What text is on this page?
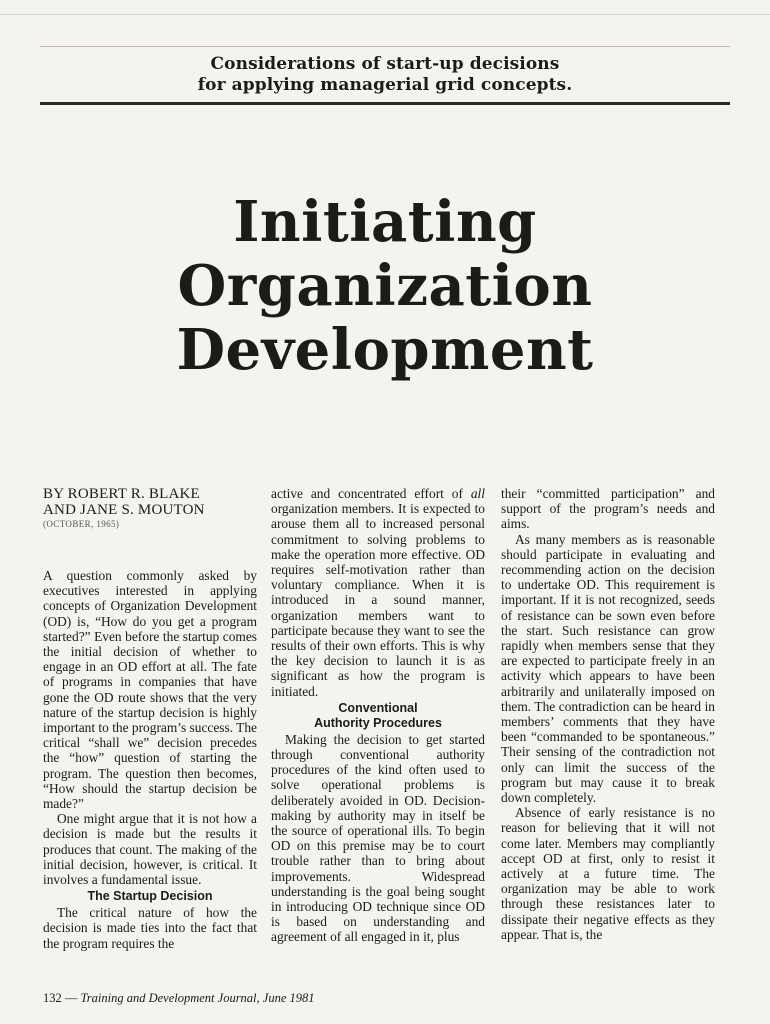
Considerations of start-up decisions
for applying managerial grid concepts.
Initiating
Organization
Development
BY ROBERT R. BLAKE
AND JANE S. MOUTON
(OCTOBER, 1965)

A question commonly asked by executives interested in applying concepts of Organization Development (OD) is, “How do you get a program started?” Even before the startup comes the initial decision of whether to engage in an OD effort at all. The fate of programs in companies that have gone the OD route shows that the very nature of the startup decision is highly important to the program’s success. The critical “shall we” decision precedes the “how” question of starting the program. The question then becomes, “How should the startup decision be made?”

One might argue that it is not how a decision is made but the results it produces that count. The making of the initial decision, however, is critical. It involves a fundamental issue.

The Startup Decision

The critical nature of how the decision is made ties into the fact that the program requires the

active and concentrated effort of all organization members. It is expected to arouse them all to increased personal commitment to solving problems to make the operation more effective. OD requires self-motivation rather than voluntary compliance. When it is introduced in a sound manner, organization members want to participate because they want to see the results of their own efforts. This is why the key decision to launch it is as significant as how the program is initiated.

Conventional
Authority Procedures

Making the decision to get started through conventional authority procedures of the kind often used to solve operational problems is deliberately avoided in OD. Decision-making by authority may in itself be the source of operational ills. To begin OD on this premise may be to court trouble rather than to bring about improvements. Widespread understanding is the goal being sought in introducing OD technique since OD is based on understanding and agreement of all engaged in it, plus

their “committed participation” and support of the program’s needs and aims.

As many members as is reasonable should participate in evaluating and recommending action on the decision to undertake OD. This requirement is important. If it is not recognized, seeds of resistance can be sown even before the start. Such resistance can grow rapidly when members sense that they are expected to participate freely in an activity which appears to have been arbitrarily and unilaterally imposed on them. The contradiction can be heard in members’ comments that they have been “commanded to be spontaneous.” Their sensing of the contradiction not only can limit the success of the program but may cause it to break down completely.

Absence of early resistance is no reason for believing that it will not come later. Members may compliantly accept OD at first, only to resist it actively at a future time. The organization may be able to work through these resistances later to dissipate their negative effects as they appear. That is, the

132 — Training and Development Journal, June 1981
